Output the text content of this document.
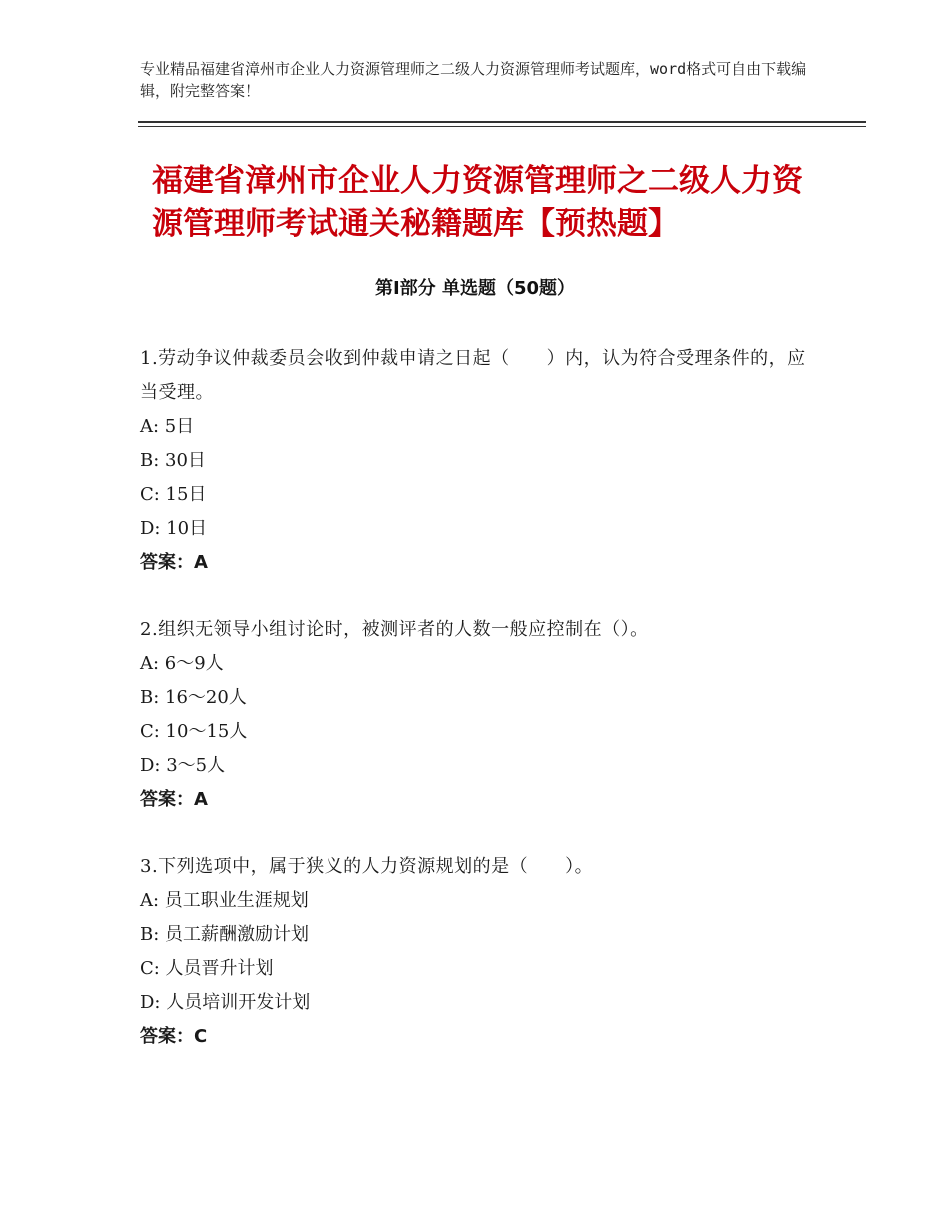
专业精品福建省漳州市企业人力资源管理师之二级人力资源管理师考试题库，word格式可自由下载编辑，附完整答案！
福建省漳州市企业人力资源管理师之二级人力资源管理师考试通关秘籍题库【预热题】
第Ⅰ部分 单选题（50题）

1.劳动争议仲裁委员会收到仲裁申请之日起（　　）内，认为符合受理条件的，应当受理。

A: 5日

B: 30日

C: 15日

D: 10日

答案：A

2.组织无领导小组讨论时，被测评者的人数一般应控制在（）。

A: 6～9人

B: 16～20人

C: 10～15人

D: 3～5人

答案：A

3.下列选项中，属于狭义的人力资源规划的是（　　）。

A: 员工职业生涯规划

B: 员工薪酬激励计划

C: 人员晋升计划

D: 人员培训开发计划

答案：C
